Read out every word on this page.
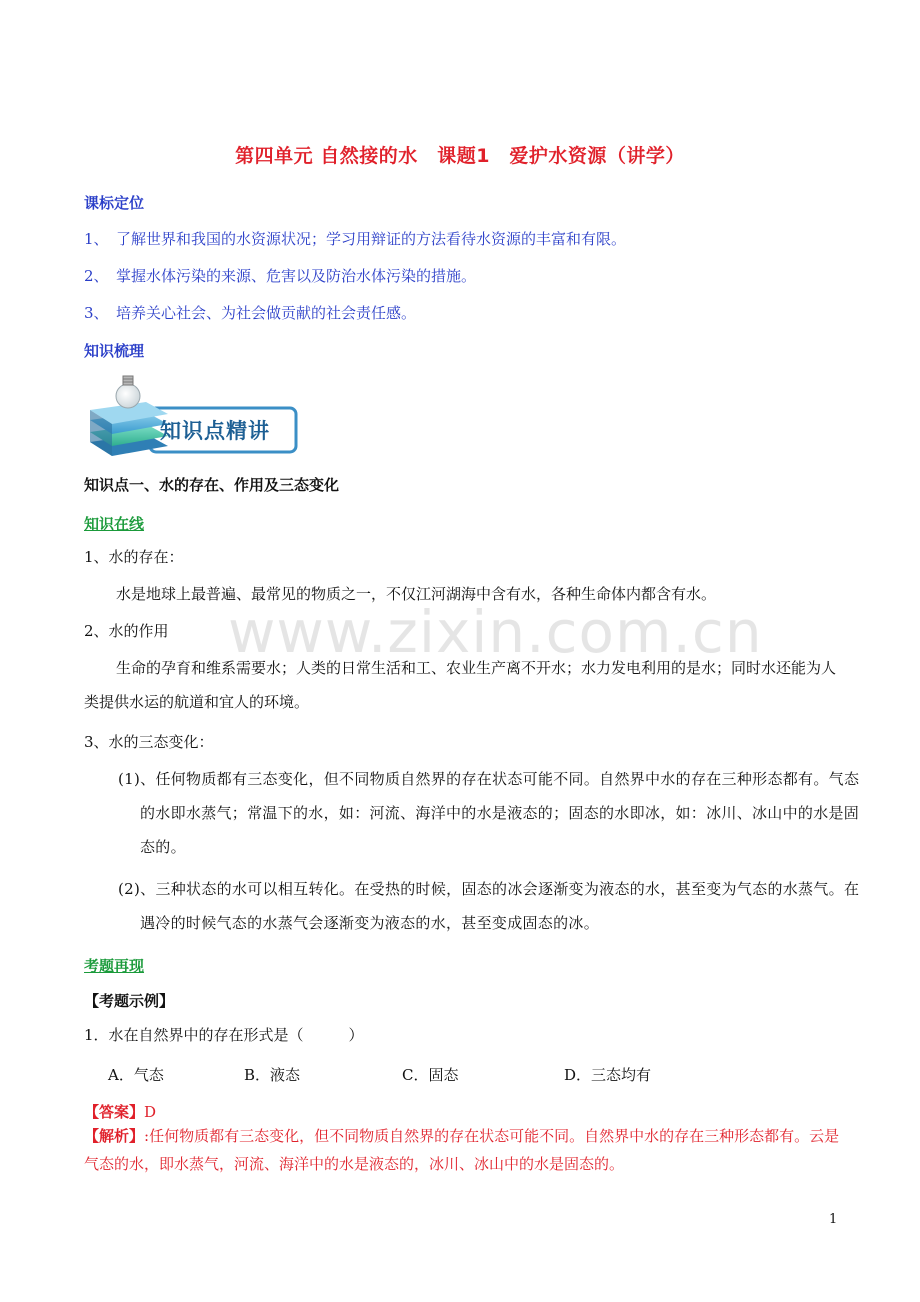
www.zixin.com.cn
第四单元 自然接的水　课题1　爱护水资源（讲学）
课标定位
1、　了解世界和我国的水资源状况；学习用辩证的方法看待水资源的丰富和有限。
2、　掌握水体污染的来源、危害以及防治水体污染的措施。
3、　培养关心社会、为社会做贡献的社会责任感。
知识梳理
知识点精讲
知识点一、水的存在、作用及三态变化
知识在线
1、水的存在：
水是地球上最普遍、最常见的物质之一，不仅江河湖海中含有水，各种生命体内都含有水。
2、水的作用
生命的孕育和维系需要水；人类的日常生活和工、农业生产离不开水；水力发电利用的是水；同时水还能为人类提供水运的航道和宜人的环境。
3、水的三态变化：
(1)、任何物质都有三态变化，但不同物质自然界的存在状态可能不同。自然界中水的存在三种形态都有。气态的水即水蒸气；常温下的水，如：河流、海洋中的水是液态的；固态的水即冰，如：冰川、冰山中的水是固态的。
(2)、三种状态的水可以相互转化。在受热的时候，固态的冰会逐渐变为液态的水，甚至变为气态的水蒸气。在遇冷的时候气态的水蒸气会逐渐变为液态的水，甚至变成固态的冰。
考题再现
【考题示例】
1．水在自然界中的存在形式是（　　　）
A．气态	B．液态	C．固态	D．三态均有
【答案】D
【解析】:任何物质都有三态变化，但不同物质自然界的存在状态可能不同。自然界中水的存在三种形态都有。云是气态的水，即水蒸气，河流、海洋中的水是液态的，冰川、冰山中的水是固态的。
1
